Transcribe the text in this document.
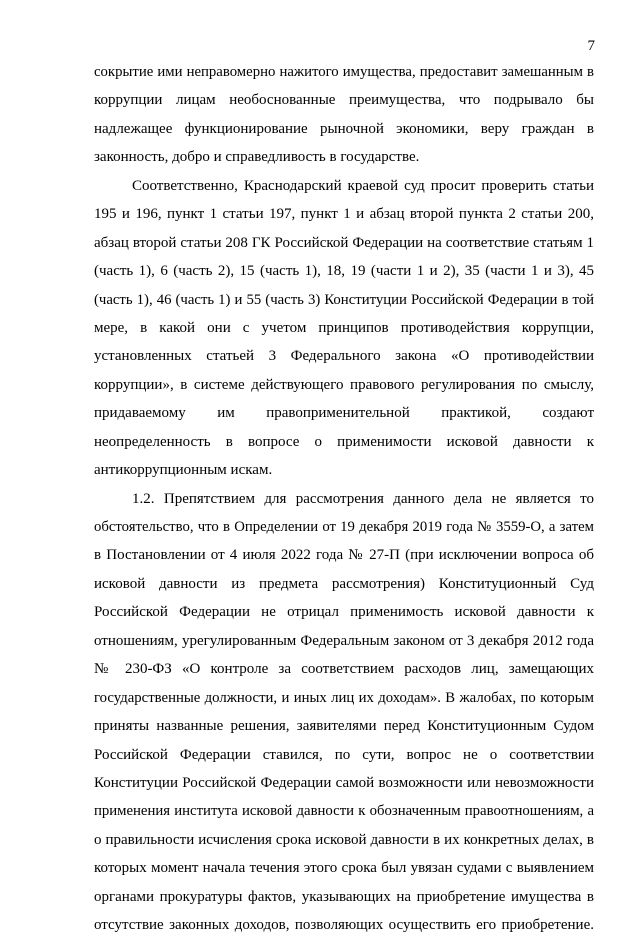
7
сокрытие ими неправомерно нажитого имущества, предоставит замешанным в
коррупции лицам необоснованные преимущества, что подрывало бы
надлежащее функционирование рыночной экономики, веру граждан в
законность, добро и справедливость в государстве.
Соответственно, Краснодарский краевой суд просит проверить статьи
195 и 196, пункт 1 статьи 197, пункт 1 и абзац второй пункта 2 статьи 200,
абзац второй статьи 208 ГК Российской Федерации на соответствие статьям 1
(часть 1), 6 (часть 2), 15 (часть 1), 18, 19 (части 1 и 2), 35 (части 1 и 3), 45
(часть 1), 46 (часть 1) и 55 (часть 3) Конституции Российской Федерации в той
мере, в какой они с учетом принципов противодействия коррупции,
установленных статьей 3 Федерального закона «О противодействии
коррупции», в системе действующего правового регулирования по смыслу,
придаваемому им правоприменительной практикой, создают
неопределенность в вопросе о применимости исковой давности к
антикоррупционным искам.
1.2. Препятствием для рассмотрения данного дела не является то
обстоятельство, что в Определении от 19 декабря 2019 года № 3559-О, а затем
в Постановлении от 4 июля 2022 года № 27-П (при исключении вопроса об
исковой давности из предмета рассмотрения) Конституционный Суд
Российской Федерации не отрицал применимость исковой давности к
отношениям, урегулированным Федеральным законом от 3 декабря 2012 года
№ 230-ФЗ «О контроле за соответствием расходов лиц, замещающих
государственные должности, и иных лиц их доходам». В жалобах, по которым
приняты названные решения, заявителями перед Конституционным Судом
Российской Федерации ставился, по сути, вопрос не о соответствии
Конституции Российской Федерации самой возможности или невозможности
применения института исковой давности к обозначенным правоотношениям, а
о правильности исчисления срока исковой давности в их конкретных делах, в
которых момент начала течения этого срока был увязан судами с выявлением
органами прокуратуры фактов, указывающих на приобретение имущества в
отсутствие законных доходов, позволяющих осуществить его приобретение.
